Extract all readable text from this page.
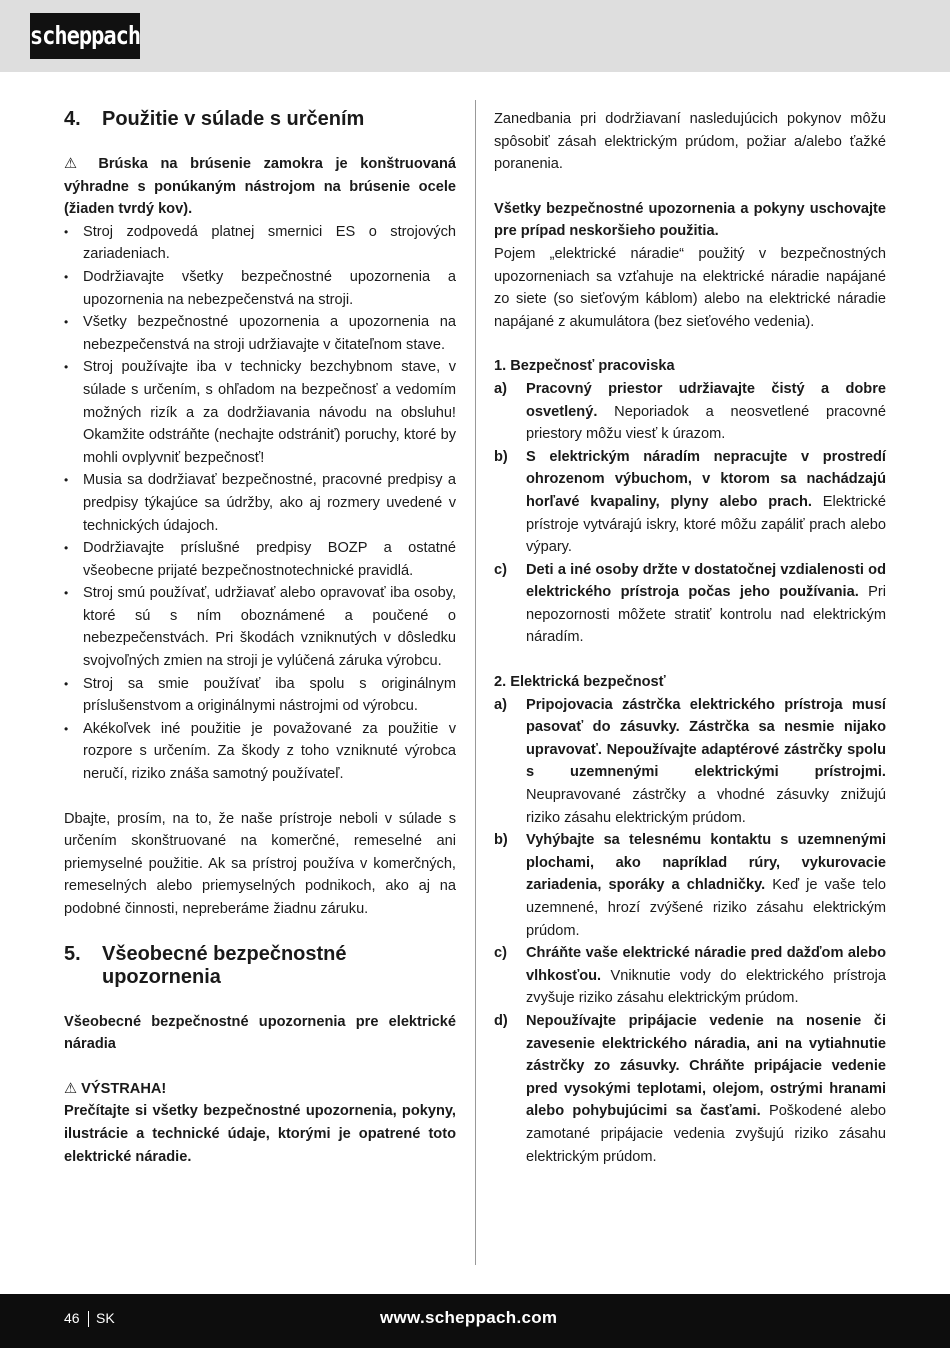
scheppach
4.	Použitie v súlade s určením

⚠ Brúska na brúsenie zamokra je konštruovaná výhradne s ponúkaným nástrojom na brúsenie ocele (žiaden tvrdý kov).

• Stroj zodpovedá platnej smernici ES o strojových zariadeniach.
• Dodržiavajte všetky bezpečnostné upozornenia a upozornenia na nebezpečenstvá na stroji.
• Všetky bezpečnostné upozornenia a upozornenia na nebezpečenstvá na stroji udržiavajte v čitateľnom stave.
• Stroj používajte iba v technicky bezchybnom stave, v súlade s určením, s ohľadom na bezpečnosť a vedomím možných rizík a za dodržiavania návodu na obsluhu! Okamžite odstráňte (nechajte odstrániť) poruchy, ktoré by mohli ovplyvniť bezpečnosť!
• Musia sa dodržiavať bezpečnostné, pracovné predpisy a predpisy týkajúce sa údržby, ako aj rozmery uvedené v technických údajoch.
• Dodržiavajte príslušné predpisy BOZP a ostatné všeobecne prijaté bezpečnostnotechnické pravidlá.
• Stroj smú používať, udržiavať alebo opravovať iba osoby, ktoré sú s ním oboznámené a poučené o nebezpečenstvách. Pri škodách vzniknutých v dôsledku svojvoľných zmien na stroji je vylúčená záruka výrobcu.
• Stroj sa smie používať iba spolu s originálnym príslušenstvom a originálnymi nástrojmi od výrobcu.
• Akékoľvek iné použitie je považované za použitie v rozpore s určením. Za škody z toho vzniknuté výrobca neručí, riziko znáša samotný používateľ.

Dbajte, prosím, na to, že naše prístroje neboli v súlade s určením skonštruované na komerčné, remeselné ani priemyselné použitie. Ak sa prístroj používa v komerčných, remeselných alebo priemyselných podnikoch, ako aj na podobné činnosti, nepreberáme žiadnu záruku.

5.	Všeobecné bezpečnostné
upozornenia

Všeobecné bezpečnostné upozornenia pre elektrické náradia

⚠ VÝSTRAHA!

Prečítajte si všetky bezpečnostné upozornenia, pokyny, ilustrácie a technické údaje, ktorými je opatrené toto elektrické náradie.

Zanedbania pri dodržiavaní nasledujúcich pokynov môžu spôsobiť zásah elektrickým prúdom, požiar a/alebo ťažké poranenia.

Všetky bezpečnostné upozornenia a pokyny uschovajte pre prípad neskoršieho použitia.

Pojem „elektrické náradie“ použitý v bezpečnostných upozorneniach sa vzťahuje na elektrické náradie napájané zo siete (so sieťovým káblom) alebo na elektrické náradie napájané z akumulátora (bez sieťového vedenia).

1. Bezpečnosť pracoviska

a)	Pracovný priestor udržiavajte čistý a dobre osvetlený. Neporiadok a neosvetlené pracovné priestory môžu viesť k úrazom.
b)	S elektrickým náradím nepracujte v prostredí ohrozenom výbuchom, v ktorom sa nachádzajú horľavé kvapaliny, plyny alebo prach. Elektrické prístroje vytvárajú iskry, ktoré môžu zapáliť prach alebo výpary.
c)	Deti a iné osoby držte v dostatočnej vzdialenosti od elektrického prístroja počas jeho používania. Pri nepozornosti môžete stratiť kontrolu nad elektrickým náradím.

2. Elektrická bezpečnosť

a)	Pripojovacia zástrčka elektrického prístroja musí pasovať do zásuvky. Zástrčka sa nesmie nijako upravovať. Nepoužívajte adaptérové zástrčky spolu s uzemnenými elektrickými prístrojmi. Neupravované zástrčky a vhodné zásuvky znižujú riziko zásahu elektrickým prúdom.
b)	Vyhýbajte sa telesnému kontaktu s uzemnenými plochami, ako napríklad rúry, vykurovacie zariadenia, sporáky a chladničky. Keď je vaše telo uzemnené, hrozí zvýšené riziko zásahu elektrickým prúdom.
c)	Chráňte vaše elektrické náradie pred dažďom alebo vlhkosťou. Vniknutie vody do elektrického prístroja zvyšuje riziko zásahu elektrickým prúdom.
d)	Nepoužívajte pripájacie vedenie na nosenie či zavesenie elektrického náradia, ani na vytiahnutie zástrčky zo zásuvky. Chráňte pripájacie vedenie pred vysokými teplotami, olejom, ostrými hranami alebo pohybujúcimi sa časťami. Poškodené alebo zamotané pripájacie vedenia zvyšujú riziko zásahu elektrickým prúdom.
46 SK	www.scheppach.com
